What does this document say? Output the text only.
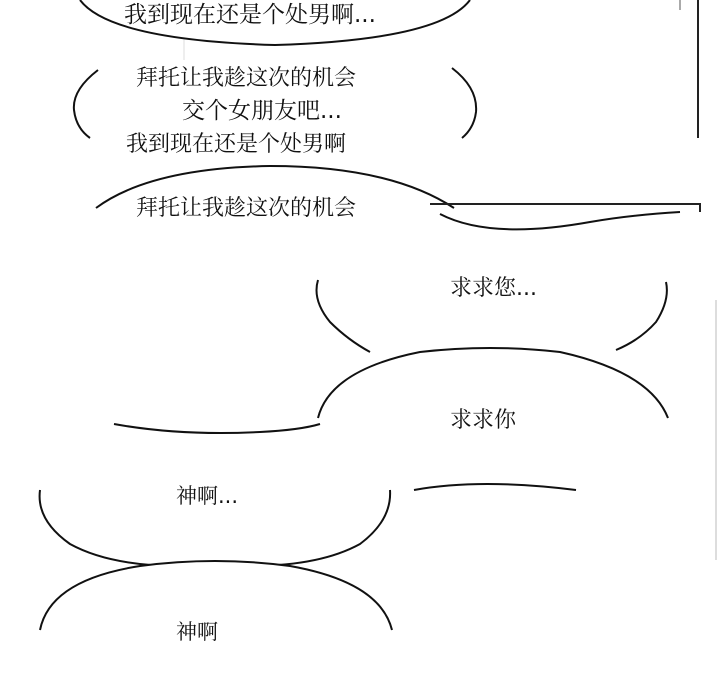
我到现在还是个处男啊...
拜托让我趁这次的机会
交个女朋友吧...
我到现在还是个处男啊
拜托让我趁这次的机会
求求您...
求求你
神啊...
神啊
